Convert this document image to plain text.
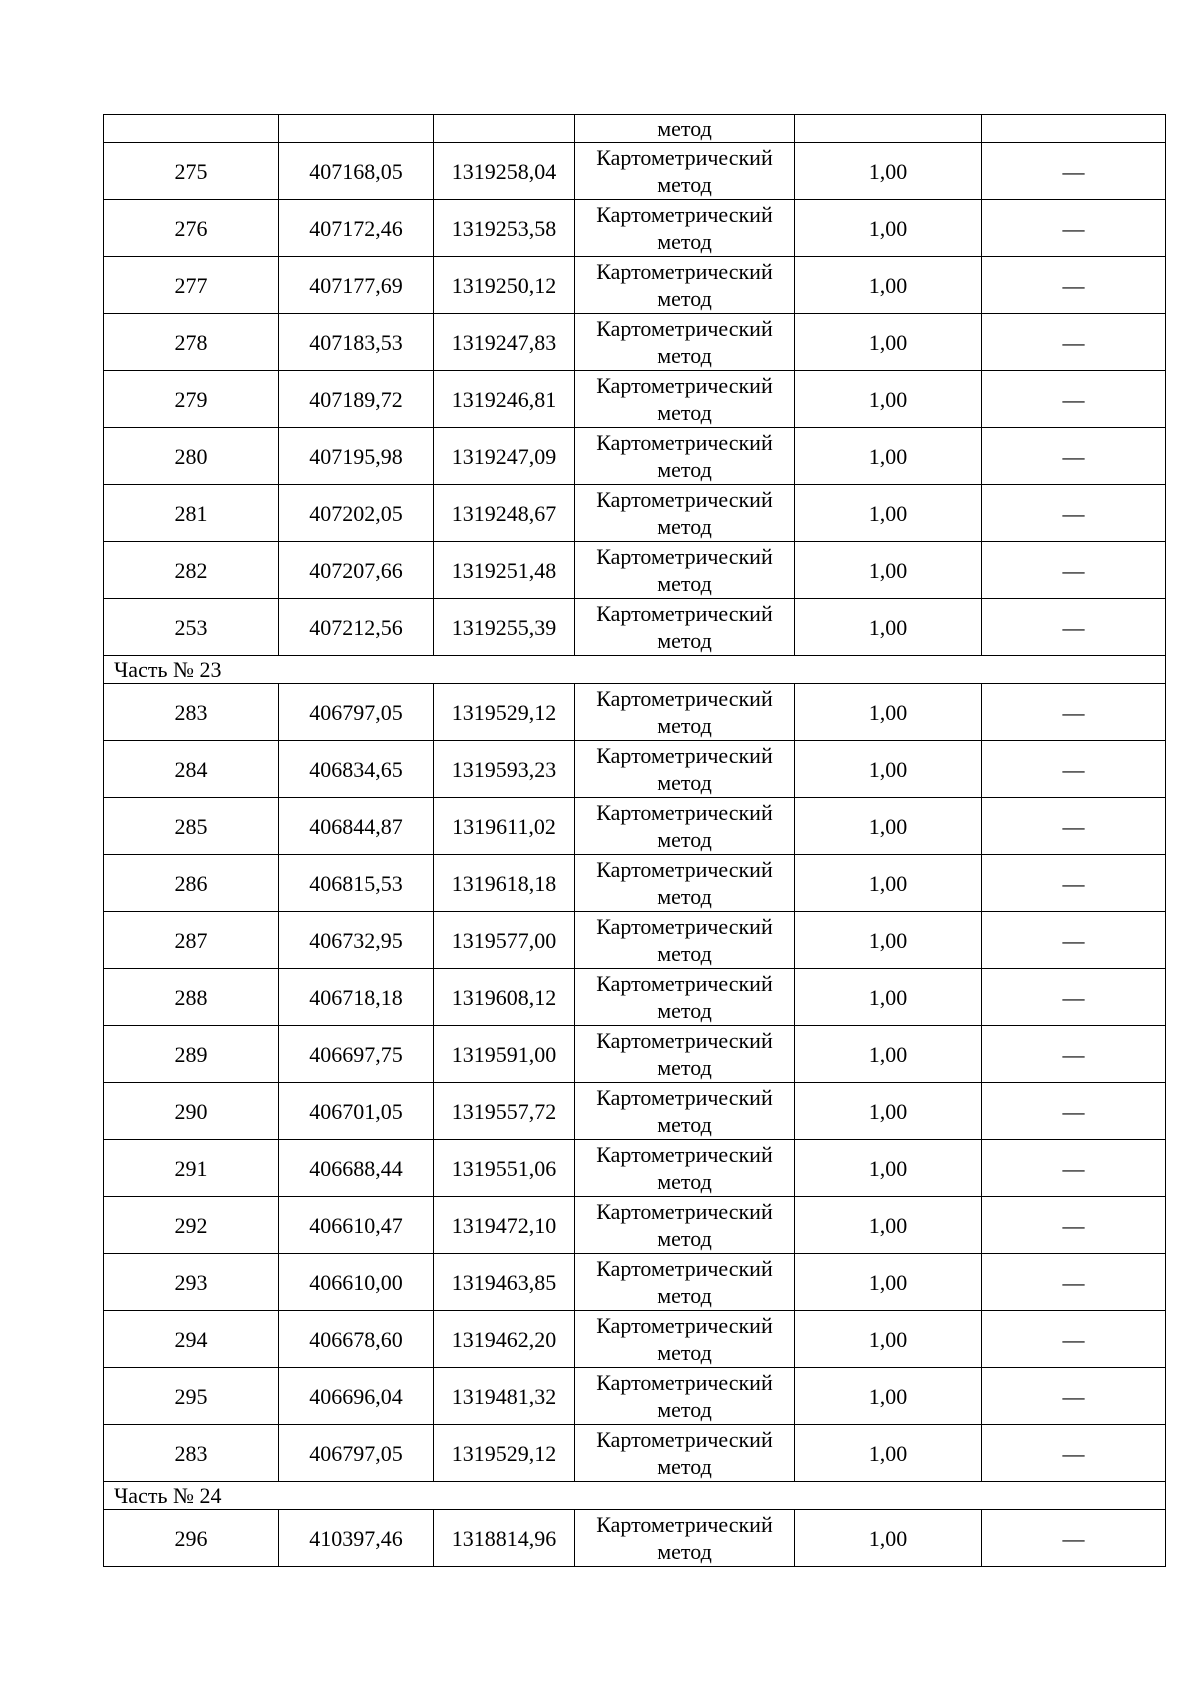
			метод		
275	407168,05	1319258,04	Картометрический метод	1,00	—
276	407172,46	1319253,58	Картометрический метод	1,00	—
277	407177,69	1319250,12	Картометрический метод	1,00	—
278	407183,53	1319247,83	Картометрический метод	1,00	—
279	407189,72	1319246,81	Картометрический метод	1,00	—
280	407195,98	1319247,09	Картометрический метод	1,00	—
281	407202,05	1319248,67	Картометрический метод	1,00	—
282	407207,66	1319251,48	Картометрический метод	1,00	—
253	407212,56	1319255,39	Картометрический метод	1,00	—
Часть № 23					
283	406797,05	1319529,12	Картометрический метод	1,00	—
284	406834,65	1319593,23	Картометрический метод	1,00	—
285	406844,87	1319611,02	Картометрический метод	1,00	—
286	406815,53	1319618,18	Картометрический метод	1,00	—
287	406732,95	1319577,00	Картометрический метод	1,00	—
288	406718,18	1319608,12	Картометрический метод	1,00	—
289	406697,75	1319591,00	Картометрический метод	1,00	—
290	406701,05	1319557,72	Картометрический метод	1,00	—
291	406688,44	1319551,06	Картометрический метод	1,00	—
292	406610,47	1319472,10	Картометрический метод	1,00	—
293	406610,00	1319463,85	Картометрический метод	1,00	—
294	406678,60	1319462,20	Картометрический метод	1,00	—
295	406696,04	1319481,32	Картометрический метод	1,00	—
283	406797,05	1319529,12	Картометрический метод	1,00	—
Часть № 24					
296	410397,46	1318814,96	Картометрический метод	1,00	—
